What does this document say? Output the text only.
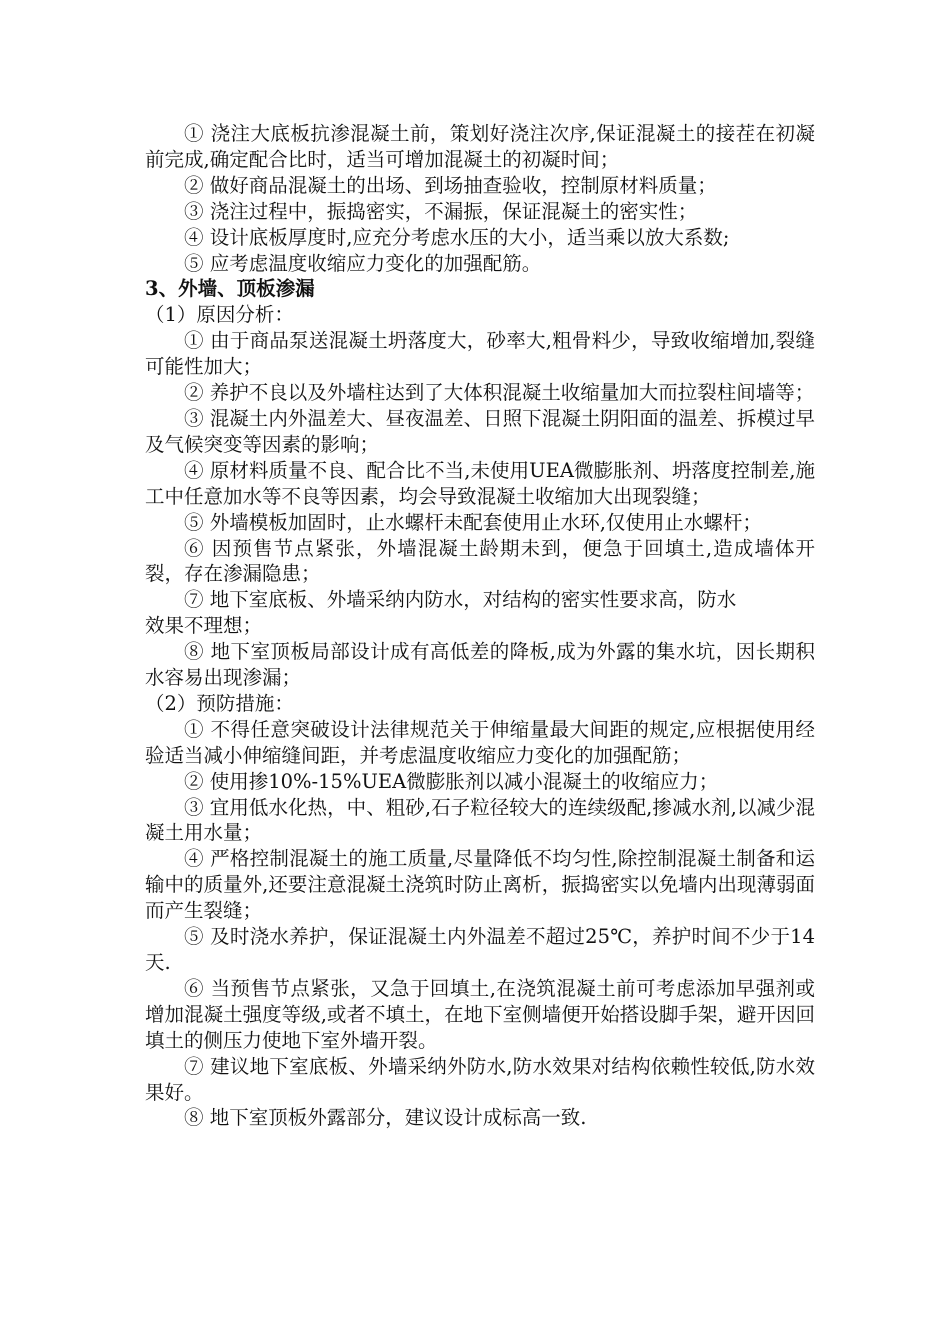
① 浇注大底板抗渗混凝土前，策划好浇注次序,保证混凝土的接茬在初凝前完成,确定配合比时，适当可增加混凝土的初凝时间；

② 做好商品混凝土的出场、到场抽查验收，控制原材料质量；

③ 浇注过程中，振捣密实，不漏振，保证混凝土的密实性；

④ 设计底板厚度时,应充分考虑水压的大小，适当乘以放大系数;

⑤ 应考虑温度收缩应力变化的加强配筋。

3、外墙、顶板渗漏

（1）原因分析：

① 由于商品泵送混凝土坍落度大，砂率大,粗骨料少，导致收缩增加,裂缝可能性加大；

② 养护不良以及外墙柱达到了大体积混凝土收缩量加大而拉裂柱间墙等；

③ 混凝土内外温差大、昼夜温差、日照下混凝土阴阳面的温差、拆模过早及气候突变等因素的影响；

④ 原材料质量不良、配合比不当,未使用UEA微膨胀剂、坍落度控制差,施工中任意加水等不良等因素，均会导致混凝土收缩加大出现裂缝；

⑤ 外墙模板加固时，止水螺杆未配套使用止水环,仅使用止水螺杆；

⑥ 因预售节点紧张，外墙混凝土龄期未到，便急于回填土,造成墙体开裂，存在渗漏隐患；

⑦ 地下室底板、外墙采纳内防水，对结构的密实性要求高，防水

效果不理想；

⑧ 地下室顶板局部设计成有高低差的降板,成为外露的集水坑，因长期积水容易出现渗漏；

（2）预防措施：

① 不得任意突破设计法律规范关于伸缩量最大间距的规定,应根据使用经验适当减小伸缩缝间距，并考虑温度收缩应力变化的加强配筋；

② 使用掺10%-15%UEA微膨胀剂以减小混凝土的收缩应力；

③ 宜用低水化热，中、粗砂,石子粒径较大的连续级配,掺减水剂,以减少混凝土用水量；

④ 严格控制混凝土的施工质量,尽量降低不均匀性,除控制混凝土制备和运输中的质量外,还要注意混凝土浇筑时防止离析，振捣密实以免墙内出现薄弱面而产生裂缝；

⑤ 及时浇水养护，保证混凝土内外温差不超过25℃，养护时间不少于14天.

⑥ 当预售节点紧张，又急于回填土,在浇筑混凝土前可考虑添加早强剂或增加混凝土强度等级,或者不填土，在地下室侧墙便开始搭设脚手架，避开因回填土的侧压力使地下室外墙开裂。

⑦ 建议地下室底板、外墙采纳外防水,防水效果对结构依赖性较低,防水效果好。

⑧ 地下室顶板外露部分，建议设计成标高一致.
